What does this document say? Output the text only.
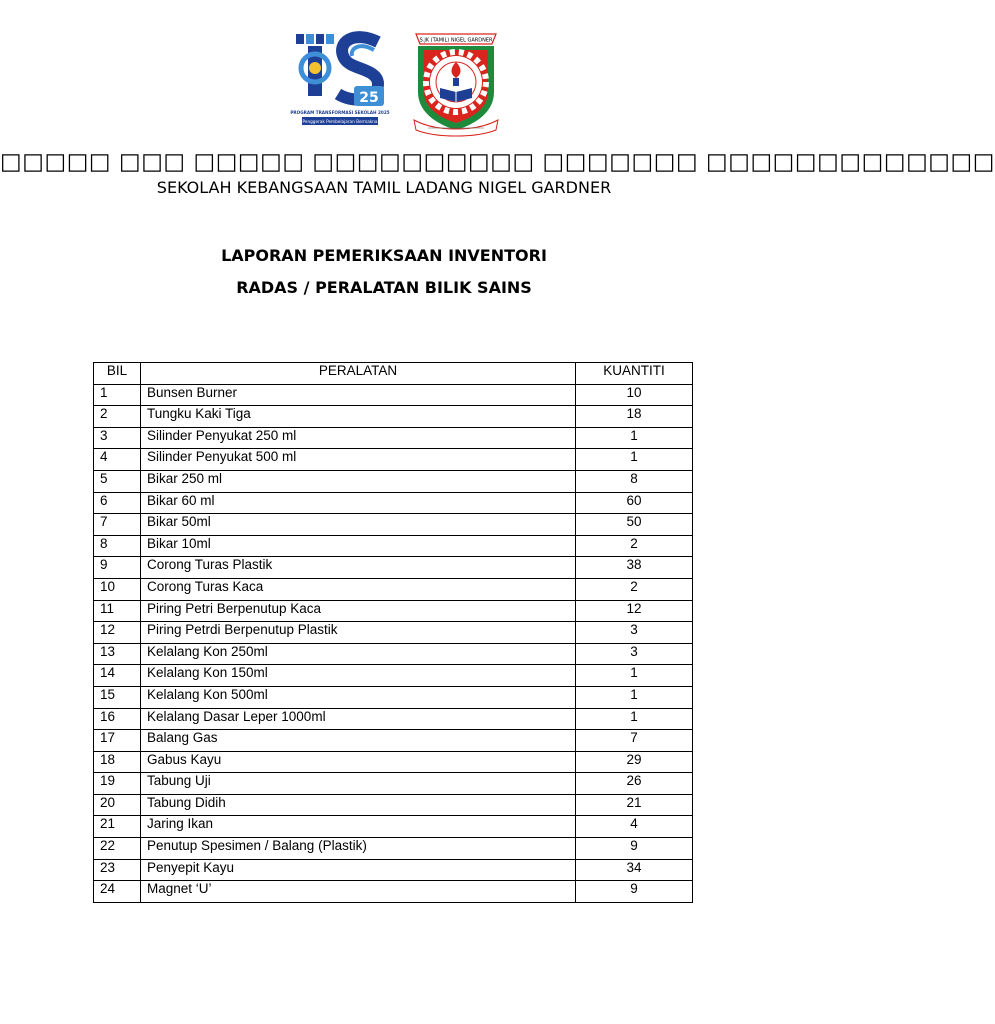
25
PROGRAM TRANSFORMASI SEKOLAH 2025
Penggerak Pembelajaran Bermakna
S.JK (TAMIL) NIGEL GARDNER
□□□□□ □□□ □□□□□ □□□□□□□□□□ □□□□□□□ □□□□□□□□□□□□□
SEKOLAH KEBANGSAAN TAMIL LADANG NIGEL GARDNER
LAPORAN PEMERIKSAAN INVENTORI
RADAS / PERALATAN BILIK SAINS
BIL	PERALATAN	KUANTITI
1	Bunsen Burner	10
2	Tungku Kaki Tiga	18
3	Silinder Penyukat 250 ml	1
4	Silinder Penyukat 500 ml	1
5	Bikar 250 ml	8
6	Bikar 60 ml	60
7	Bikar 50ml	50
8	Bikar 10ml	2
9	Corong Turas Plastik	38
10	Corong Turas Kaca	2
11	Piring Petri Berpenutup Kaca	12
12	Piring Petrdi Berpenutup Plastik	3
13	Kelalang Kon 250ml	3
14	Kelalang Kon 150ml	1
15	Kelalang Kon 500ml	1
16	Kelalang Dasar Leper 1000ml	1
17	Balang Gas	7
18	Gabus Kayu	29
19	Tabung Uji	26
20	Tabung Didih	21
21	Jaring Ikan	4
22	Penutup Spesimen / Balang (Plastik)	9
23	Penyepit Kayu	34
24	Magnet ‘U’	9
